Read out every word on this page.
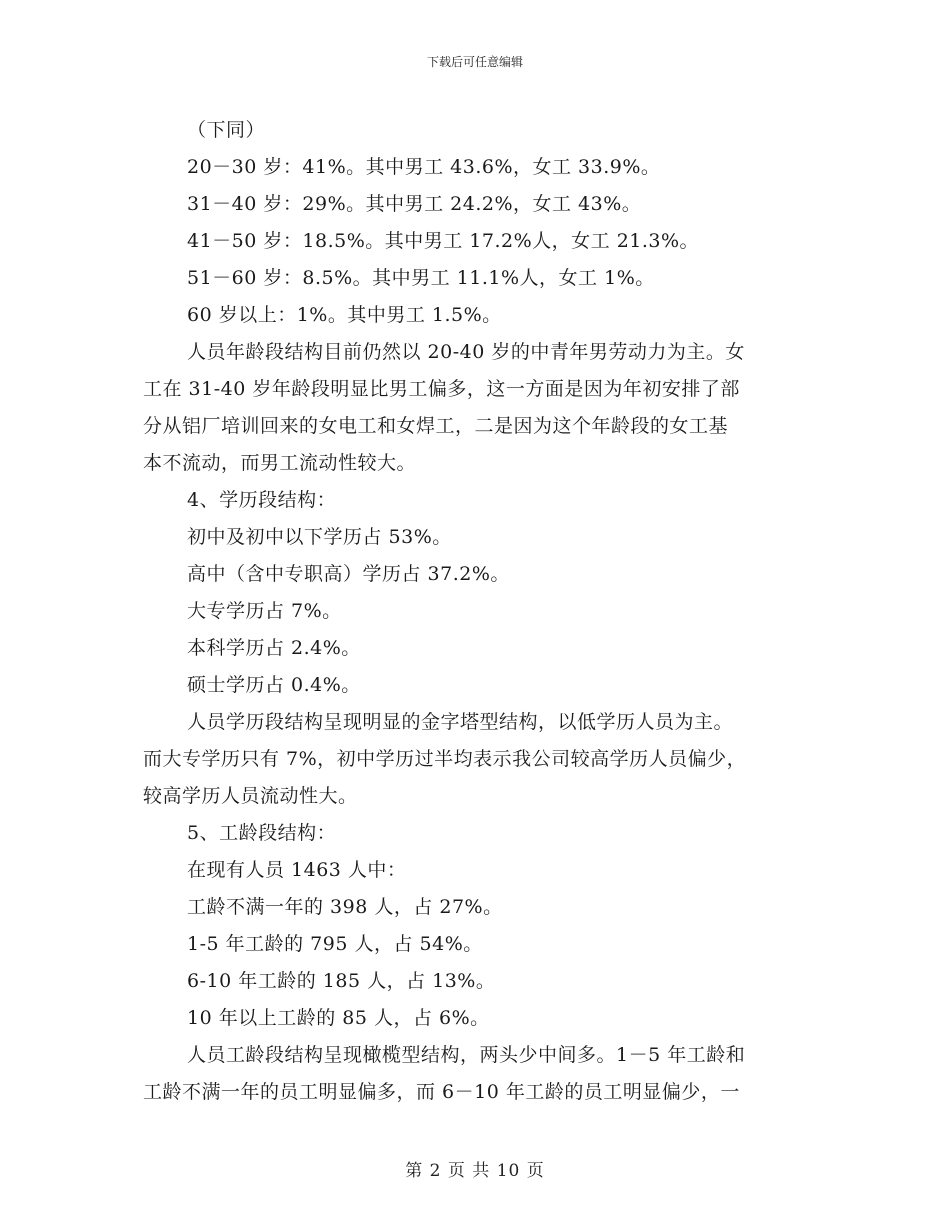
下载后可任意编辑
（下同）
20－30 岁：41%。其中男工 43.6%，女工 33.9%。
31－40 岁：29%。其中男工 24.2%，女工 43%。
41－50 岁：18.5%。其中男工 17.2%人，女工 21.3%。
51－60 岁：8.5%。其中男工 11.1%人，女工 1%。
60 岁以上：1%。其中男工 1.5%。
人员年龄段结构目前仍然以 20-40 岁的中青年男劳动力为主。女
工在 31-40 岁年龄段明显比男工偏多，这一方面是因为年初安排了部
分从铝厂培训回来的女电工和女焊工，二是因为这个年龄段的女工基
本不流动，而男工流动性较大。
4、学历段结构：
初中及初中以下学历占 53%。
高中（含中专职高）学历占 37.2%。
大专学历占 7%。
本科学历占 2.4%。
硕士学历占 0.4%。
人员学历段结构呈现明显的金字塔型结构，以低学历人员为主。
而大专学历只有 7%，初中学历过半均表示我公司较高学历人员偏少，
较高学历人员流动性大。
5、工龄段结构：
在现有人员 1463 人中：
工龄不满一年的 398 人，占 27%。
1-5 年工龄的 795 人，占 54%。
6-10 年工龄的 185 人，占 13%。
10 年以上工龄的 85 人，占 6%。
人员工龄段结构呈现橄榄型结构，两头少中间多。1－5 年工龄和
工龄不满一年的员工明显偏多，而 6－10 年工龄的员工明显偏少，一
第 2 页 共 10 页
